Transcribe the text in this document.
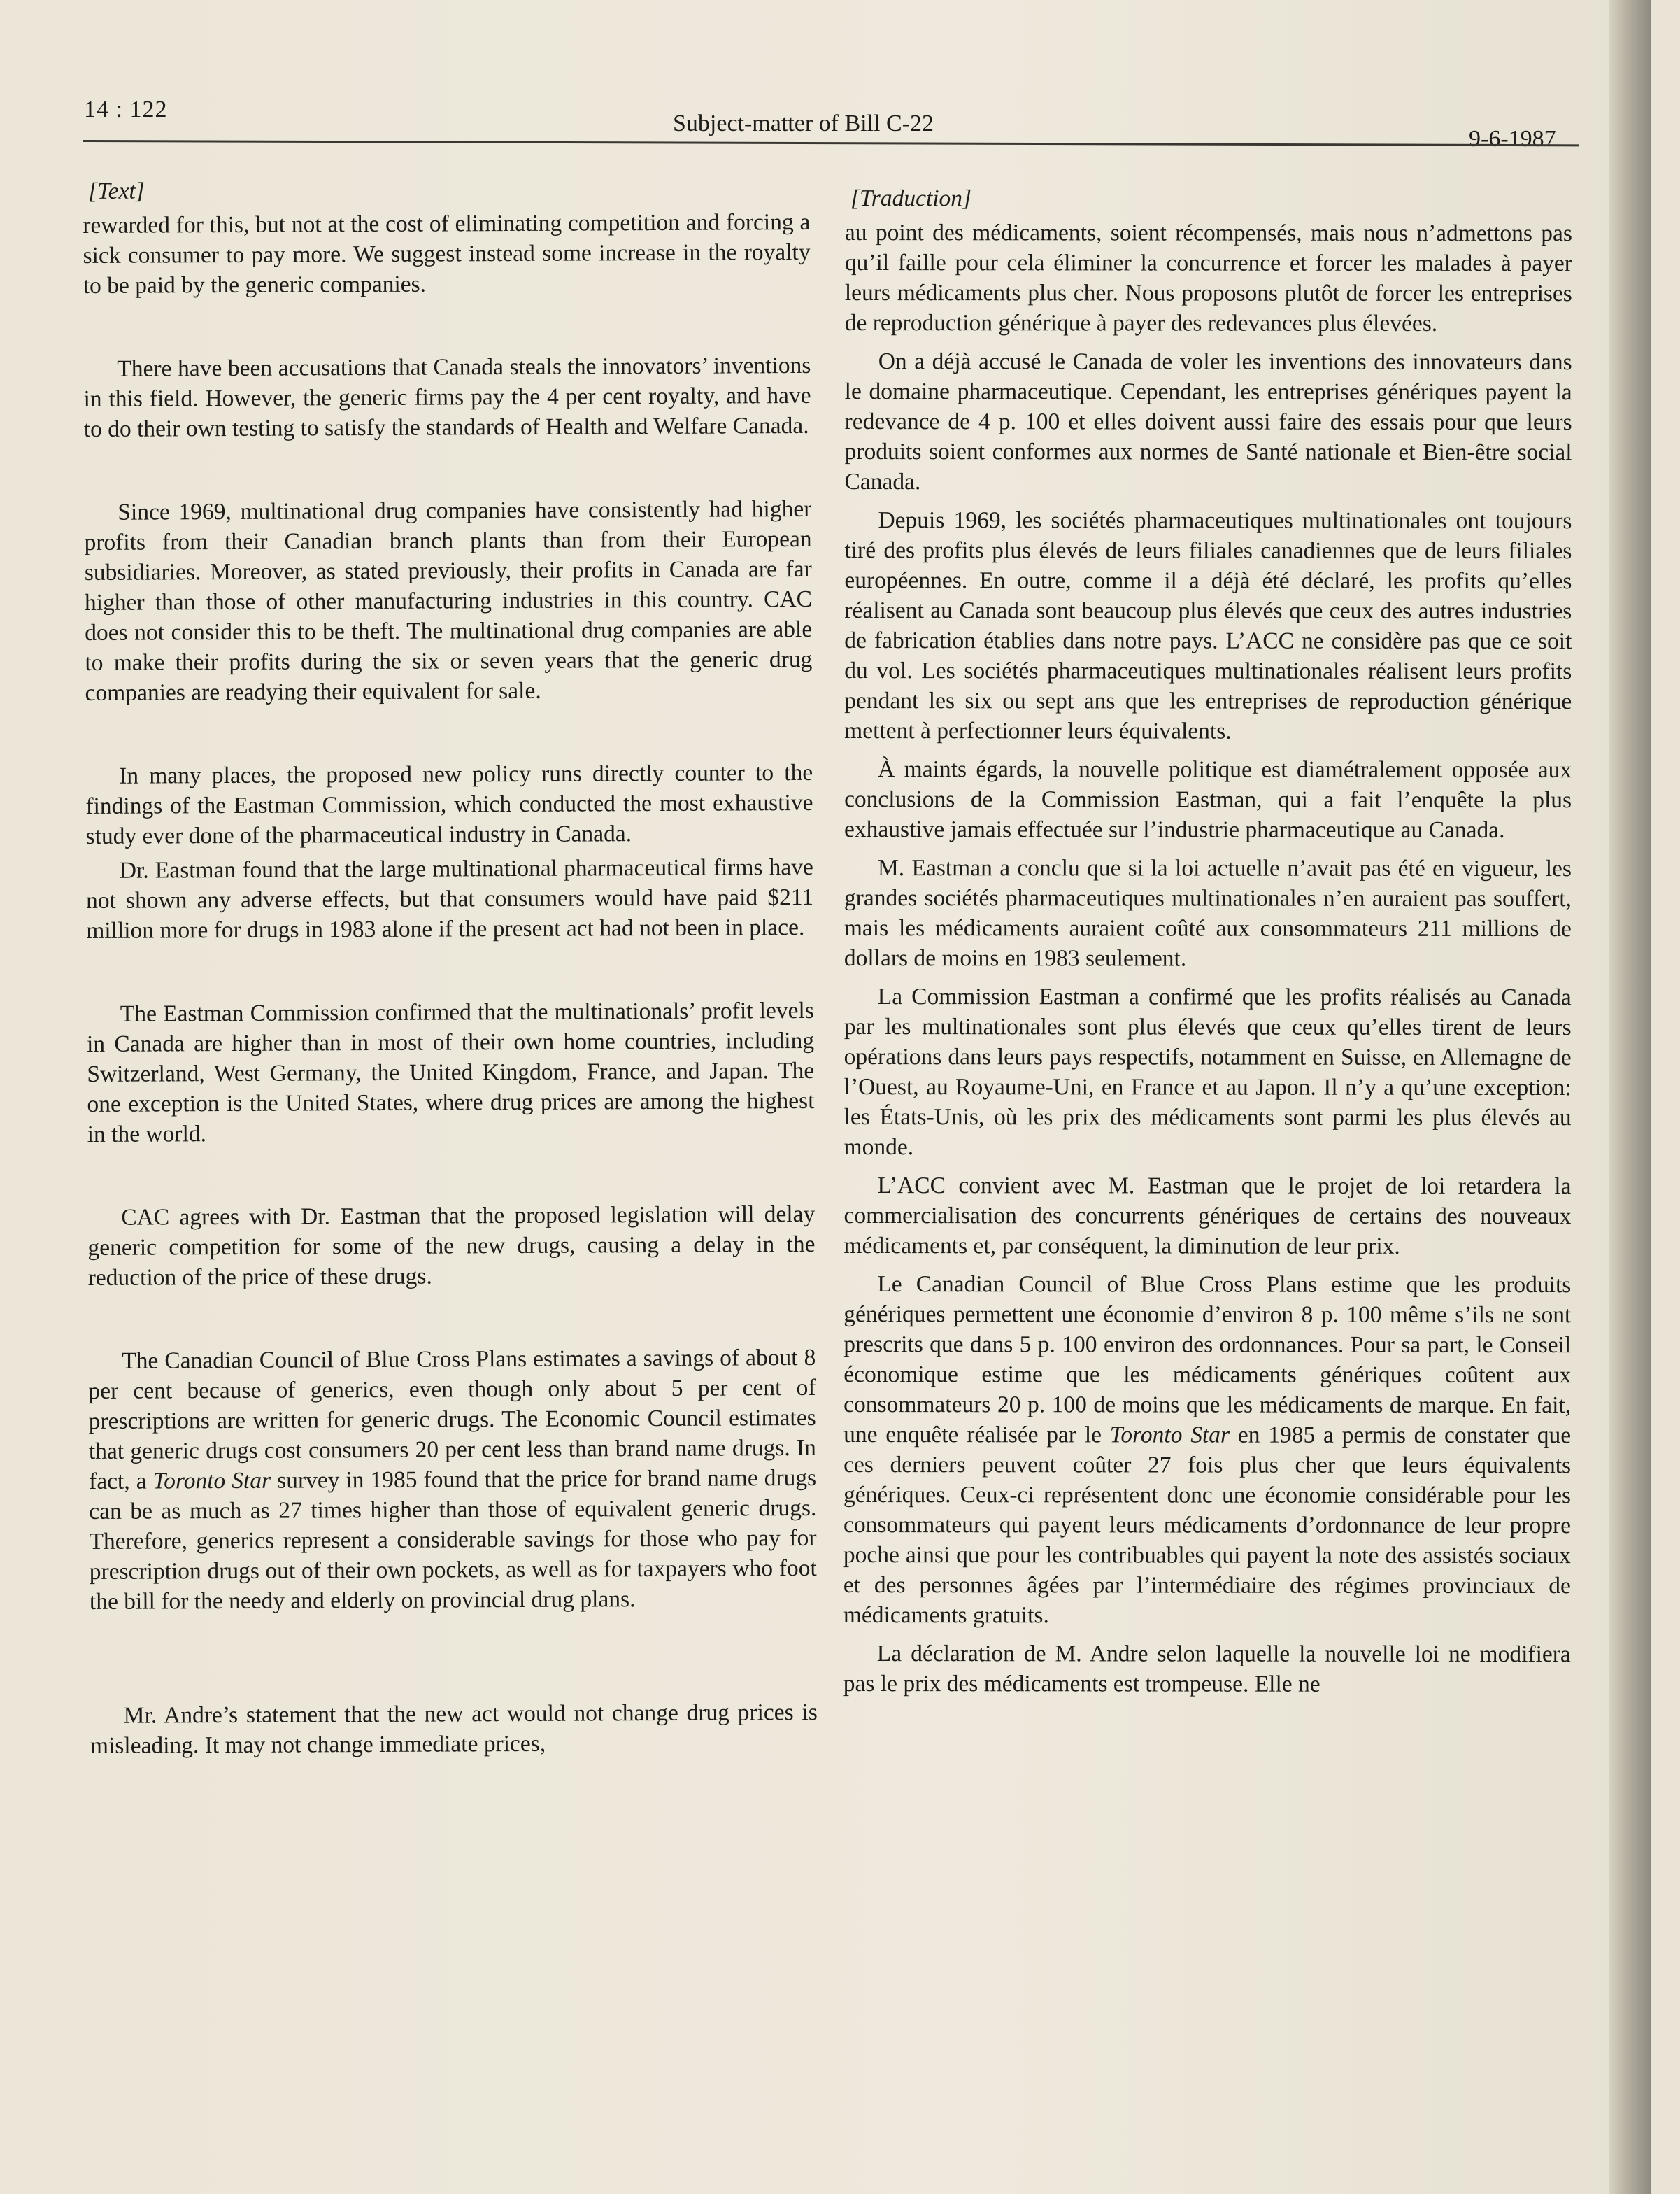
14 : 122
Subject-matter of Bill C-22
9-6-1987
[Text]

rewarded for this, but not at the cost of eliminating competition and forcing a sick consumer to pay more. We suggest instead some increase in the royalty to be paid by the generic companies.

There have been accusations that Canada steals the innovators’ inventions in this field. However, the generic firms pay the 4 per cent royalty, and have to do their own testing to satisfy the standards of Health and Welfare Canada.

Since 1969, multinational drug companies have consistently had higher profits from their Canadian branch plants than from their European subsidiaries. Moreover, as stated previously, their profits in Canada are far higher than those of other manufacturing industries in this country. CAC does not consider this to be theft. The multinational drug companies are able to make their profits during the six or seven years that the generic drug companies are readying their equivalent for sale.

In many places, the proposed new policy runs directly counter to the findings of the Eastman Commission, which conducted the most exhaustive study ever done of the pharmaceutical industry in Canada.

Dr. Eastman found that the large multinational pharmaceutical firms have not shown any adverse effects, but that consumers would have paid $211 million more for drugs in 1983 alone if the present act had not been in place.

The Eastman Commission confirmed that the multinationals’ profit levels in Canada are higher than in most of their own home countries, including Switzerland, West Germany, the United Kingdom, France, and Japan. The one exception is the United States, where drug prices are among the highest in the world.

CAC agrees with Dr. Eastman that the proposed legislation will delay generic competition for some of the new drugs, causing a delay in the reduction of the price of these drugs.

The Canadian Council of Blue Cross Plans estimates a savings of about 8 per cent because of generics, even though only about 5 per cent of prescriptions are written for generic drugs. The Economic Council estimates that generic drugs cost consumers 20 per cent less than brand name drugs. In fact, a Toronto Star survey in 1985 found that the price for brand name drugs can be as much as 27 times higher than those of equivalent generic drugs. Therefore, generics represent a considerable savings for those who pay for prescription drugs out of their own pockets, as well as for taxpayers who foot the bill for the needy and elderly on provincial drug plans.

Mr. Andre’s statement that the new act would not change drug prices is misleading. It may not change immediate prices,

[Traduction]

au point des médicaments, soient récompensés, mais nous n’admettons pas qu’il faille pour cela éliminer la concurrence et forcer les malades à payer leurs médicaments plus cher. Nous proposons plutôt de forcer les entreprises de reproduction générique à payer des redevances plus élevées.

On a déjà accusé le Canada de voler les inventions des innovateurs dans le domaine pharmaceutique. Cependant, les entreprises génériques payent la redevance de 4 p. 100 et elles doivent aussi faire des essais pour que leurs produits soient conformes aux normes de Santé nationale et Bien-être social Canada.

Depuis 1969, les sociétés pharmaceutiques multinationales ont toujours tiré des profits plus élevés de leurs filiales canadiennes que de leurs filiales européennes. En outre, comme il a déjà été déclaré, les profits qu’elles réalisent au Canada sont beaucoup plus élevés que ceux des autres industries de fabrication établies dans notre pays. L’ACC ne considère pas que ce soit du vol. Les sociétés pharmaceutiques multinationales réalisent leurs profits pendant les six ou sept ans que les entreprises de reproduction générique mettent à perfectionner leurs équivalents.

À maints égards, la nouvelle politique est diamétralement opposée aux conclusions de la Commission Eastman, qui a fait l’enquête la plus exhaustive jamais effectuée sur l’industrie pharmaceutique au Canada.

M. Eastman a conclu que si la loi actuelle n’avait pas été en vigueur, les grandes sociétés pharmaceutiques multinationales n’en auraient pas souffert, mais les médicaments auraient coûté aux consommateurs 211 millions de dollars de moins en 1983 seulement.

La Commission Eastman a confirmé que les profits réalisés au Canada par les multinationales sont plus élevés que ceux qu’elles tirent de leurs opérations dans leurs pays respectifs, notamment en Suisse, en Allemagne de l’Ouest, au Royaume-Uni, en France et au Japon. Il n’y a qu’une exception: les États-Unis, où les prix des médicaments sont parmi les plus élevés au monde.

L’ACC convient avec M. Eastman que le projet de loi retardera la commercialisation des concurrents génériques de certains des nouveaux médicaments et, par conséquent, la diminution de leur prix.

Le Canadian Council of Blue Cross Plans estime que les produits génériques permettent une économie d’environ 8 p. 100 même s’ils ne sont prescrits que dans 5 p. 100 environ des ordonnances. Pour sa part, le Conseil économique estime que les médicaments génériques coûtent aux consommateurs 20 p. 100 de moins que les médicaments de marque. En fait, une enquête réalisée par le Toronto Star en 1985 a permis de constater que ces derniers peuvent coûter 27 fois plus cher que leurs équivalents génériques. Ceux-ci représentent donc une économie considérable pour les consommateurs qui payent leurs médicaments d’ordonnance de leur propre poche ainsi que pour les contribuables qui payent la note des assistés sociaux et des personnes âgées par l’intermédiaire des régimes provinciaux de médicaments gratuits.

La déclaration de M. Andre selon laquelle la nouvelle loi ne modifiera pas le prix des médicaments est trompeuse. Elle ne
